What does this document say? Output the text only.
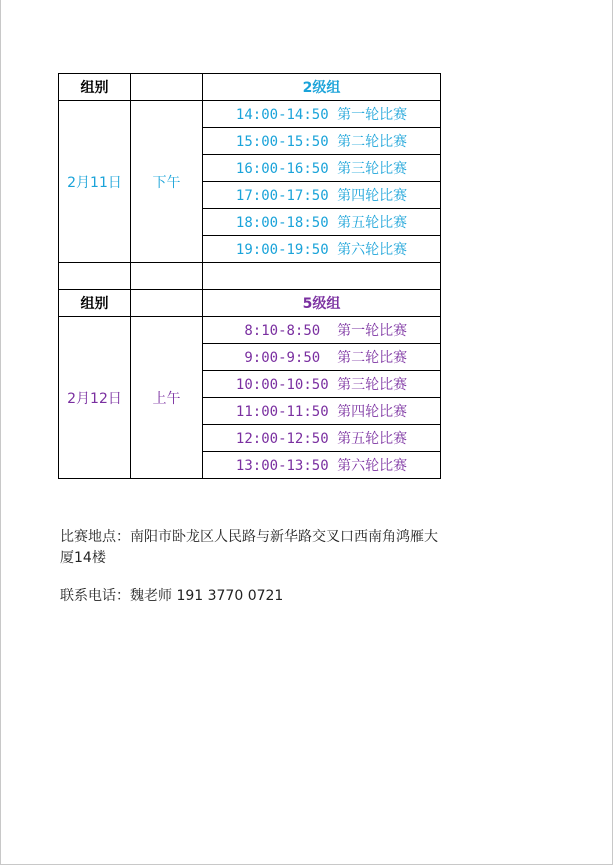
组别		2级组
2月11日	下午	14:00-14:50 第一轮比赛
		15:00-15:50 第二轮比赛
		16:00-16:50 第三轮比赛
		17:00-17:50 第四轮比赛
		18:00-18:50 第五轮比赛
		19:00-19:50 第六轮比赛

组别		5级组
2月12日	上午	8:10-8:50  第一轮比赛
		9:00-9:50  第二轮比赛
		10:00-10:50 第三轮比赛
		11:00-11:50 第四轮比赛
		12:00-12:50 第五轮比赛
		13:00-13:50 第六轮比赛
比赛地点：南阳市卧龙区人民路与新华路交叉口西南角鸿雁大厦14楼
联系电话：魏老师 191 3770 0721
